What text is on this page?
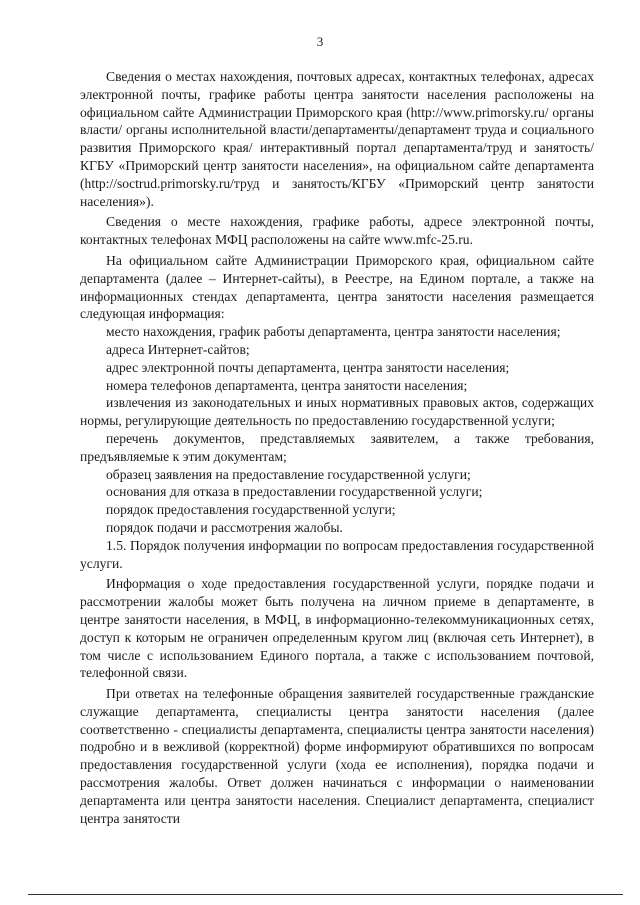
3

Сведения о местах нахождения, почтовых адресах, контактных телефонах, адресах электронной почты, графике работы центра занятости населения расположены на официальном сайте Администрации Приморского края (http://www.primorsky.ru/ органы власти/ органы исполнительной власти/департаменты/департамент труда и социального развития Приморского края/ интерактивный портал департамента/труд и занятость/КГБУ «Приморский центр занятости населения», на официальном сайте департамента (http://soctrud.primorsky.ru/труд и занятость/КГБУ «Приморский центр занятости населения»).

Сведения о месте нахождения, графике работы, адресе электронной почты, контактных телефонах МФЦ расположены на сайте www.mfc-25.ru.

На официальном сайте Администрации Приморского края, официальном сайте департамента (далее – Интернет-сайты), в Реестре, на Едином портале, а также на информационных стендах департамента, центра занятости населения размещается следующая информация:

место нахождения, график работы департамента, центра занятости населения;

адреса Интернет-сайтов;

адрес электронной почты департамента, центра занятости населения;

номера телефонов департамента, центра занятости населения;

извлечения из законодательных и иных нормативных правовых актов, содержащих нормы, регулирующие деятельность по предоставлению государственной услуги;

перечень документов, представляемых заявителем, а также требования, предъявляемые к этим документам;

образец заявления на предоставление государственной услуги;

основания для отказа в предоставлении государственной услуги;

порядок предоставления государственной услуги;

порядок подачи и рассмотрения жалобы.

1.5. Порядок получения информации по вопросам предоставления государственной услуги.

Информация о ходе предоставления государственной услуги, порядке подачи и рассмотрении жалобы может быть получена на личном приеме в департаменте, в центре занятости населения, в МФЦ, в информационно-телекоммуникационных сетях, доступ к которым не ограничен определенным кругом лиц (включая сеть Интернет), в том числе с использованием Единого портала, а также с использованием почтовой, телефонной связи.

При ответах на телефонные обращения заявителей государственные гражданские служащие департамента, специалисты центра занятости населения (далее соответственно - специалисты департамента, специалисты центра занятости населения) подробно и в вежливой (корректной) форме информируют обратившихся по вопросам предоставления государственной услуги (хода ее исполнения), порядка подачи и рассмотрения жалобы. Ответ должен начинаться с информации о наименовании департамента или центра занятости населения. Специалист департамента, специалист центра занятости
